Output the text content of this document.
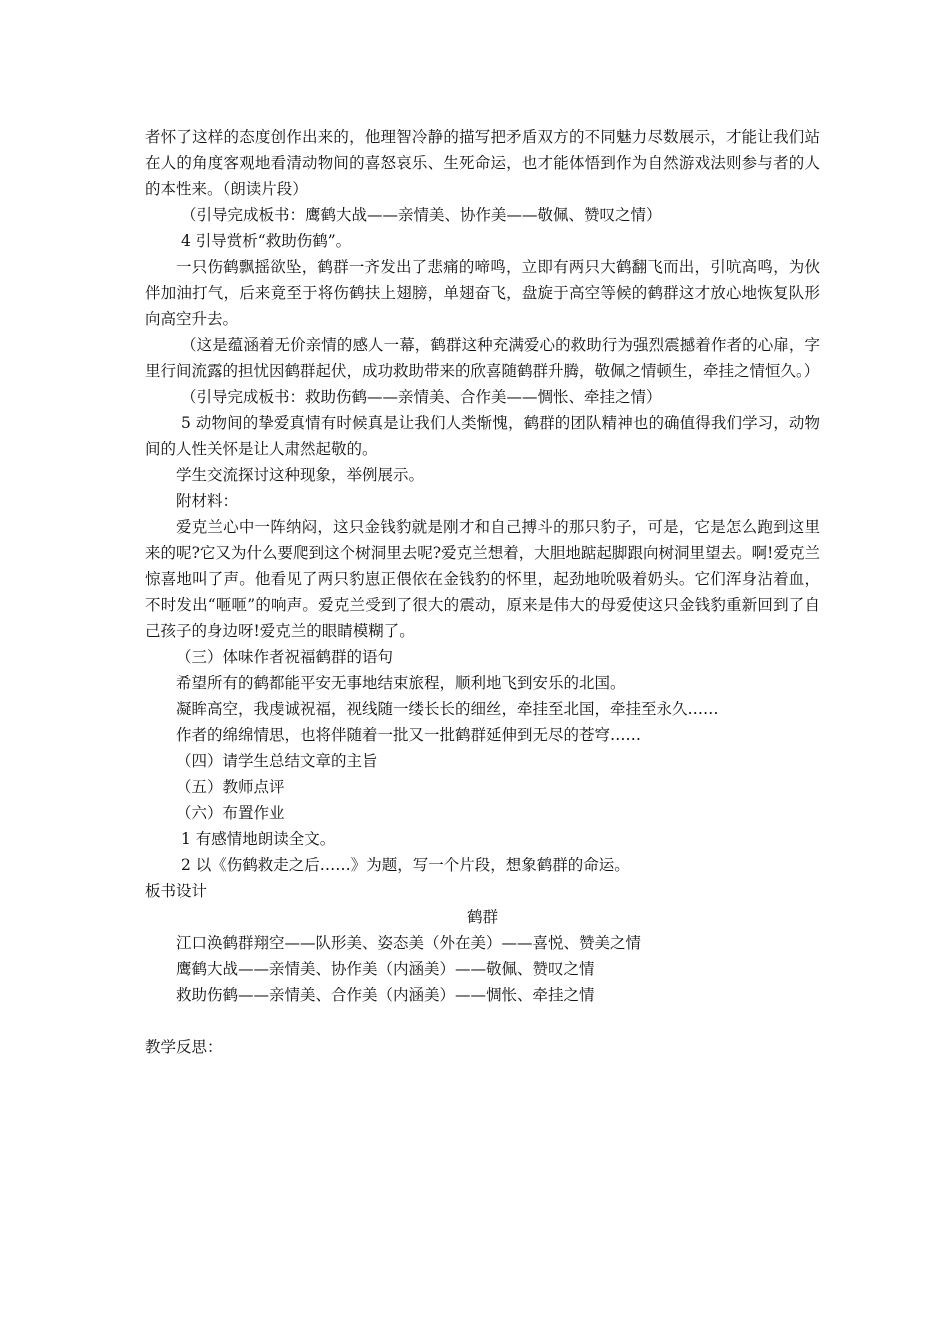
者怀了这样的态度创作出来的，他理智冷静的描写把矛盾双方的不同魅力尽数展示，才能让我们站在人的角度客观地看清动物间的喜怒哀乐、生死命运，也才能体悟到作为自然游戏法则参与者的人的本性来。（朗读片段）

（引导完成板书：鹰鹤大战——亲情美、协作美——敬佩、赞叹之情）

4 引导赏析“救助伤鹤”。

一只伤鹤飘摇欲坠，鹤群一齐发出了悲痛的啼鸣，立即有两只大鹤翻飞而出，引吭高鸣，为伙伴加油打气，后来竟至于将伤鹤扶上翅膀，单翅奋飞，盘旋于高空等候的鹤群这才放心地恢复队形向高空升去。

（这是蕴涵着无价亲情的感人一幕，鹤群这种充满爱心的救助行为强烈震撼着作者的心扉，字里行间流露的担忧因鹤群起伏，成功救助带来的欣喜随鹤群升腾，敬佩之情顿生，牵挂之情恒久。）

（引导完成板书：救助伤鹤——亲情美、合作美——惆怅、牵挂之情）

5 动物间的挚爱真情有时候真是让我们人类惭愧，鹤群的团队精神也的确值得我们学习，动物间的人性关怀是让人肃然起敬的。

学生交流探讨这种现象，举例展示。

附材料：

爱克兰心中一阵纳闷，这只金钱豹就是刚才和自己搏斗的那只豹子，可是，它是怎么跑到这里来的呢?它又为什么要爬到这个树洞里去呢?爱克兰想着，大胆地踮起脚跟向树洞里望去。啊!爱克兰惊喜地叫了声。他看见了两只豹崽正偎依在金钱豹的怀里，起劲地吮吸着奶头。它们浑身沾着血，不时发出“咂咂”的响声。爱克兰受到了很大的震动，原来是伟大的母爱使这只金钱豹重新回到了自己孩子的身边呀!爱克兰的眼睛模糊了。

（三）体味作者祝福鹤群的语句

希望所有的鹤都能平安无事地结束旅程，顺利地飞到安乐的北国。

凝眸高空，我虔诚祝福，视线随一缕长长的细丝，牵挂至北国，牵挂至永久……

作者的绵绵情思，也将伴随着一批又一批鹤群延伸到无尽的苍穹……

（四）请学生总结文章的主旨

（五）教师点评

（六）布置作业

1 有感情地朗读全文。

2 以《伤鹤救走之后……》为题，写一个片段，想象鹤群的命运。

板书设计

鹤群

江口涣鹤群翔空——队形美、姿态美（外在美）——喜悦、赞美之情

鹰鹤大战——亲情美、协作美（内涵美）——敬佩、赞叹之情

救助伤鹤——亲情美、合作美（内涵美）——惆怅、牵挂之情

教学反思：
